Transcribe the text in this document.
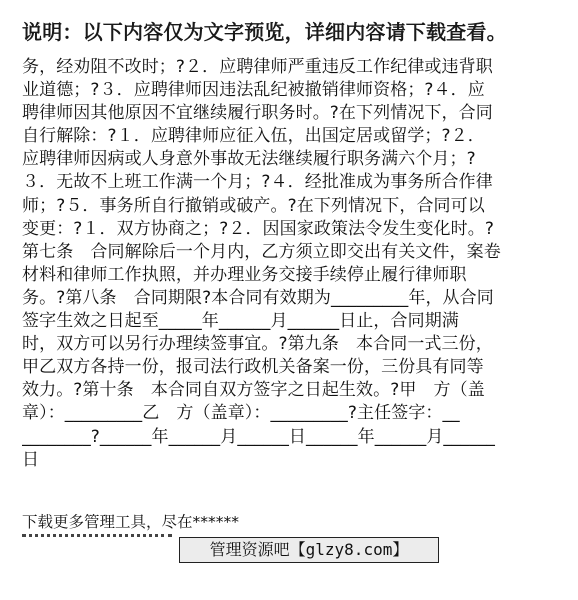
说明：以下内容仅为文字预览，详细内容请下载查看。
务，经劝阻不改时；?２．应聘律师严重违反工作纪律或违背职
业道德；?３．应聘律师因违法乱纪被撤销律师资格；?４．应
聘律师因其他原因不宜继续履行职务时。?在下列情况下，合同
自行解除：?１．应聘律师应征入伍，出国定居或留学；?２．
应聘律师因病或人身意外事故无法继续履行职务满六个月；?
３．无故不上班工作满一个月；?４．经批准成为事务所合作律
师；?５．事务所自行撤销或破产。?在下列情况下，合同可以
变更：?１．双方协商之；?２．因国家政策法令发生变化时。?
第七条　合同解除后一个月内，乙方须立即交出有关文件，案卷
材料和律师工作执照，并办理业务交接手续停止履行律师职
务。?第八条　合同期限?本合同有效期为_________年，从合同
签字生效之日起至_____年______月______日止，合同期满
时，双方可以另行办理续签事宜。?第九条　本合同一式三份，
甲乙双方各持一份，报司法行政机关备案一份，三份具有同等
效力。?第十条　本合同自双方签字之日起生效。?甲　方（盖
章）：_________乙　方（盖章）：_________?主任签字：__
________?______年______月______日______年______月______
日
下载更多管理工具，尽在******
管理资源吧【glzy8.com】
